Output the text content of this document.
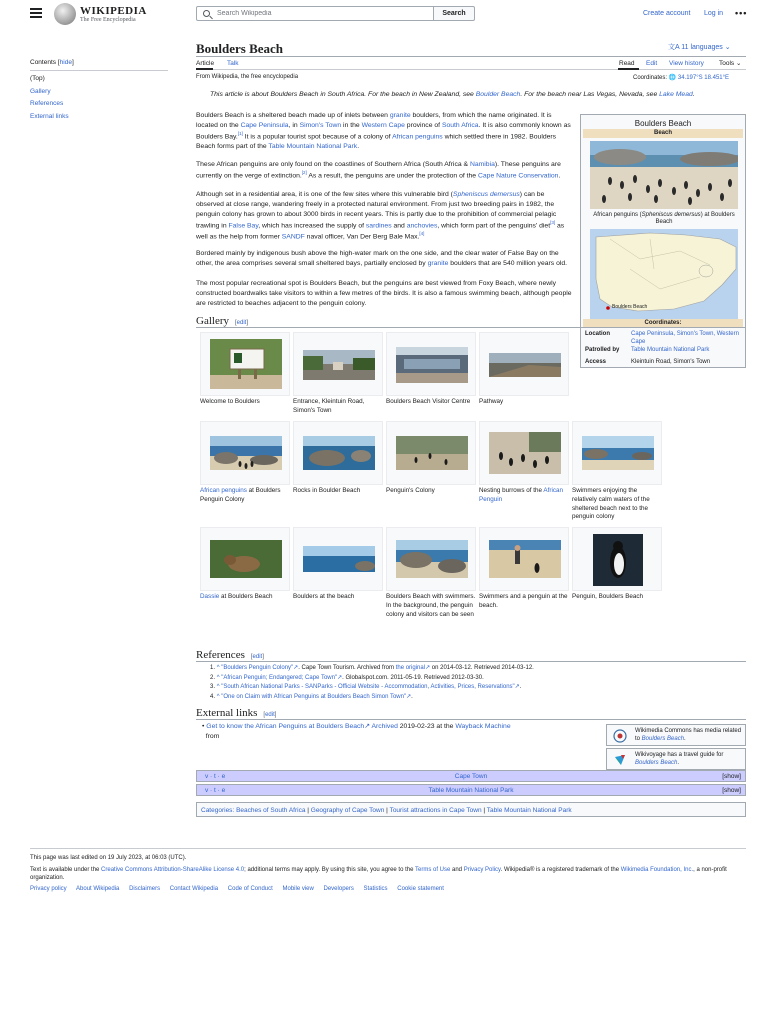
WIKIPEDIA
The Free Encyclopedia
Search Wikipedia
Search	Create account Log in •••
Contents [hide]
(Top)
Gallery
References
External links
Boulders Beach	文A 11 languages ⌄
Article Talk	Read Edit View history Tools ⌄
From Wikipedia, the free encyclopedia	Coordinates: 🌐 34.197°S 18.451°E
This article is about Boulders Beach in South Africa. For the beach in New Zealand, see Boulder Beach. For the beach near Las Vegas, Nevada, see Lake Mead.
Boulders Beach is a sheltered beach made up of inlets between granite boulders, from which the name originated. It is located on the Cape Peninsula, in Simon's Town in the Western Cape province of South Africa. It is also commonly known as Boulders Bay.[1] It is a popular tourist spot because of a colony of African penguins which settled there in 1982. Boulders Beach forms part of the Table Mountain National Park.
These African penguins are only found on the coastlines of Southern Africa (South Africa & Namibia). These penguins are currently on the verge of extinction.[2] As a result, the penguins are under the protection of the Cape Nature Conservation.
Although set in a residential area, it is one of the few sites where this vulnerable bird (Spheniscus demersus) can be observed at close range, wandering freely in a protected natural environment. From just two breeding pairs in 1982, the penguin colony has grown to about 3000 birds in recent years. This is partly due to the prohibition of commercial pelagic trawling in False Bay, which has increased the supply of sardines and anchovies, which form part of the penguins' diet[3] as well as the help from former SANDF naval officer, Van Der Berg Bale Max.[4]
Bordered mainly by indigenous bush above the high-water mark on the one side, and the clear water of False Bay on the other, the area comprises several small sheltered bays, partially enclosed by granite boulders that are 540 million years old.
The most popular recreational spot is Boulders Beach, but the penguins are best viewed from Foxy Beach, where newly constructed boardwalks take visitors to within a few metres of the birds. It is also a famous swimming beach, although people are restricted to beaches adjacent to the penguin colony.
Boulders Beach
Beach
African penguins (Spheniscus demersus) at Boulders Beach
Boulders Beach
Coordinates:
Location	Cape Peninsula, Simon's Town, Western Cape
Patrolled by	Table Mountain National Park
Access	Kleintuin Road, Simon's Town
Gallery [edit]
Welcome to Boulders	Entrance, Kleintuin Road, Simon's Town
Boulders Beach Visitor Centre	Pathway
African penguins at Boulders Penguin Colony
Rocks in Boulder Beach	Penguin's Colony	Nesting burrows of the African Penguin
Swimmers enjoying the relatively calm waters of the sheltered beach next to the penguin colony
Dassie at Boulders Beach	Boulders at the beach	Boulders Beach with swimmers. In the background, the penguin colony and visitors can be seen
Swimmers and a penguin at the beach.
Penguin, Boulders Beach
References [edit]
1. ^ "Boulders Penguin Colony"↗. Cape Town Tourism. Archived from the original↗ on 2014-03-12. Retrieved 2014-03-12.
2. ^ "African Penguin; Endangered; Cape Town"↗. Globalspot.com. 2011-05-19. Retrieved 2012-03-30.
3. ^ "South African National Parks - SANParks - Official Website - Accommodation, Activities, Prices, Reservations"↗.
4. ^ "One on Claim with African Penguins at Boulders Beach Simon Town"↗.
External links [edit]
• Get to know the African Penguins at Boulders Beach↗ Archived 2019-02-23 at the Wayback Machine
from
Wikimedia Commons has media related to Boulders Beach.
Wikivoyage has a travel guide for Boulders Beach.
v · t · e	Cape Town	[show]
v · t · e	Table Mountain National Park	[show]
Categories: Beaches of South Africa | Geography of Cape Town | Tourist attractions in Cape Town | Table Mountain National Park
This page was last edited on 19 July 2023, at 06:03 (UTC).
Text is available under the Creative Commons Attribution-ShareAlike License 4.0; additional terms may apply. By using this site, you agree to the Terms of Use and Privacy Policy. Wikipedia® is a registered trademark of the Wikimedia Foundation, Inc., a non-profit organization.
Privacy policy About Wikipedia Disclaimers Contact Wikipedia Code of Conduct Mobile view Developers Statistics Cookie statement
